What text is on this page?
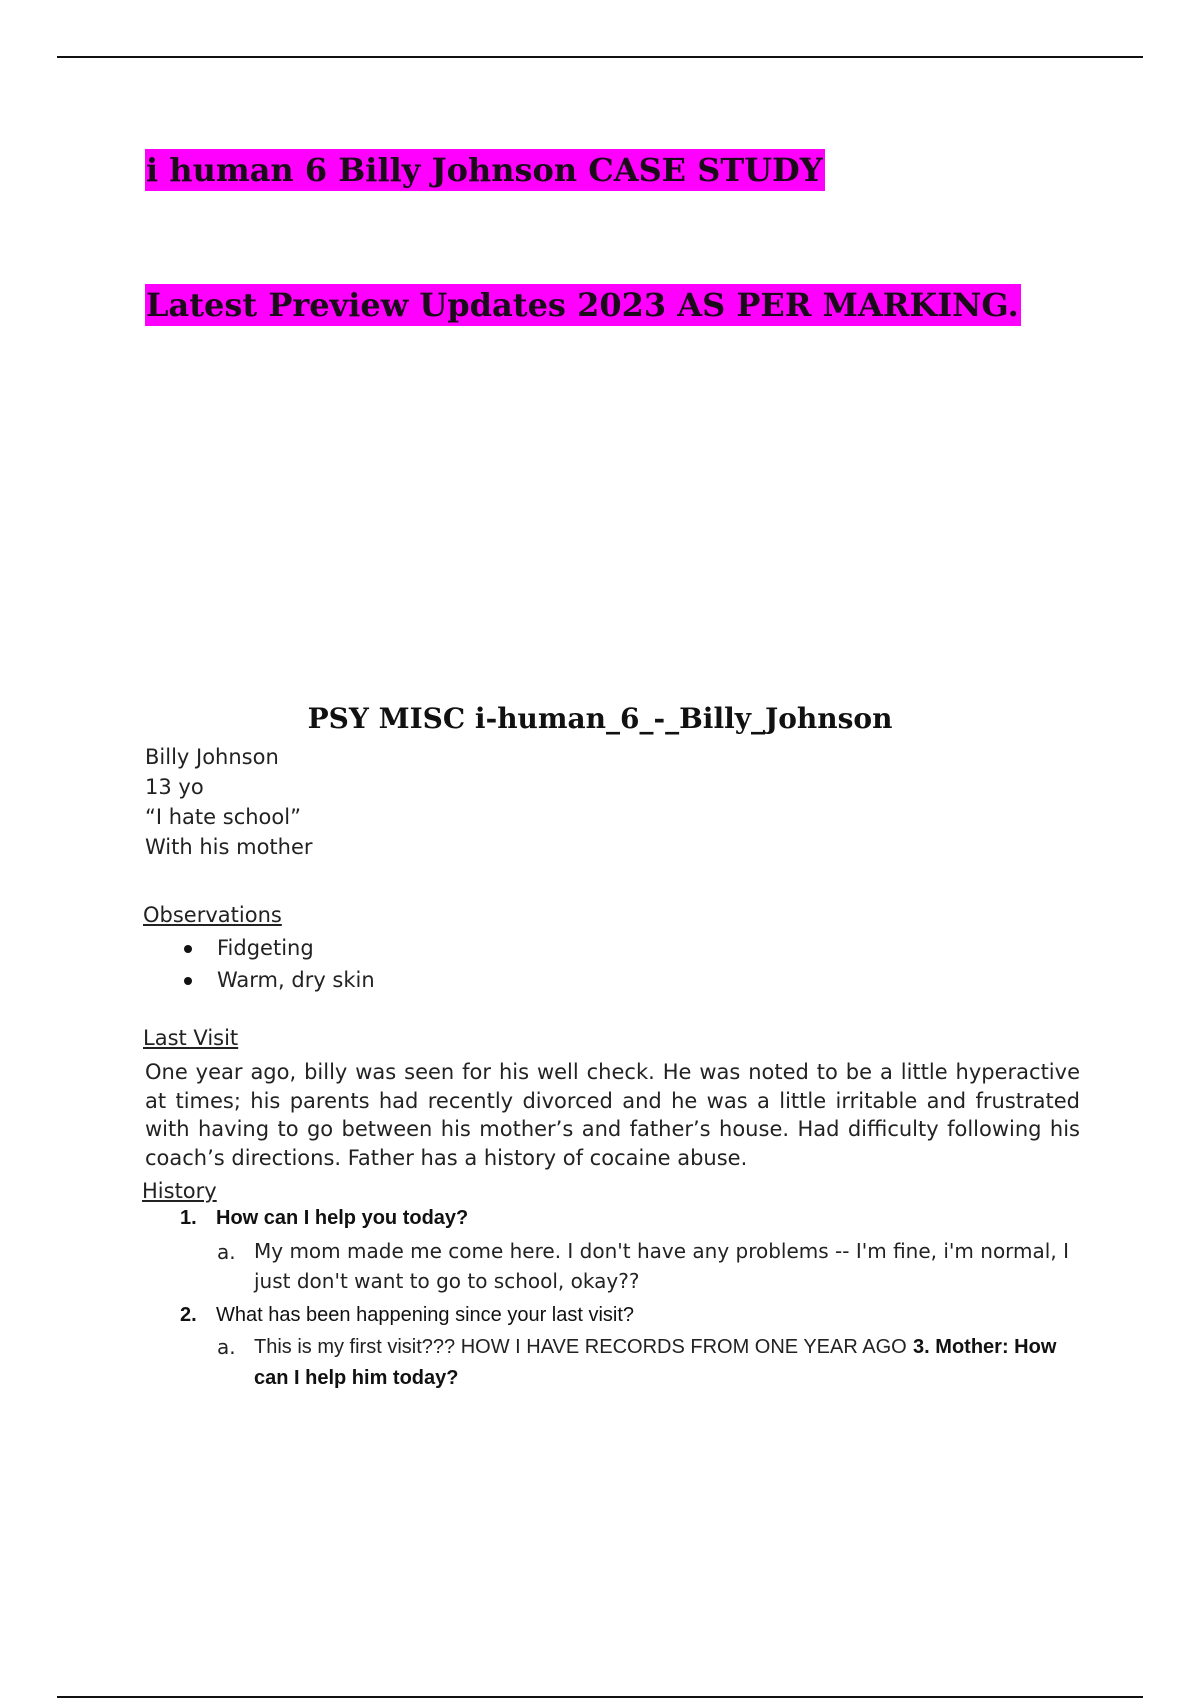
i human 6 Billy Johnson CASE STUDY
Latest Preview Updates 2023 AS PER MARKING.
PSY MISC i-human_6_-_Billy_Johnson
Billy Johnson
13 yo
“I hate school”
With his mother
Observations
Fidgeting
Warm, dry skin
Last Visit
One year ago, billy was seen for his well check. He was noted to be a little hyperactive at times; his parents had recently divorced and he was a little irritable and frustrated with having to go between his mother’s and father’s house. Had difficulty following his coach’s directions. Father has a history of cocaine abuse.
History
1. How can I help you today?
a. My mom made me come here. I don't have any problems -- I'm fine, i'm normal, I just don't want to go to school, okay??
2. What has been happening since your last visit?
a. This is my first visit??? HOW I HAVE RECORDS FROM ONE YEAR AGO 3. Mother: How can I help him today?
